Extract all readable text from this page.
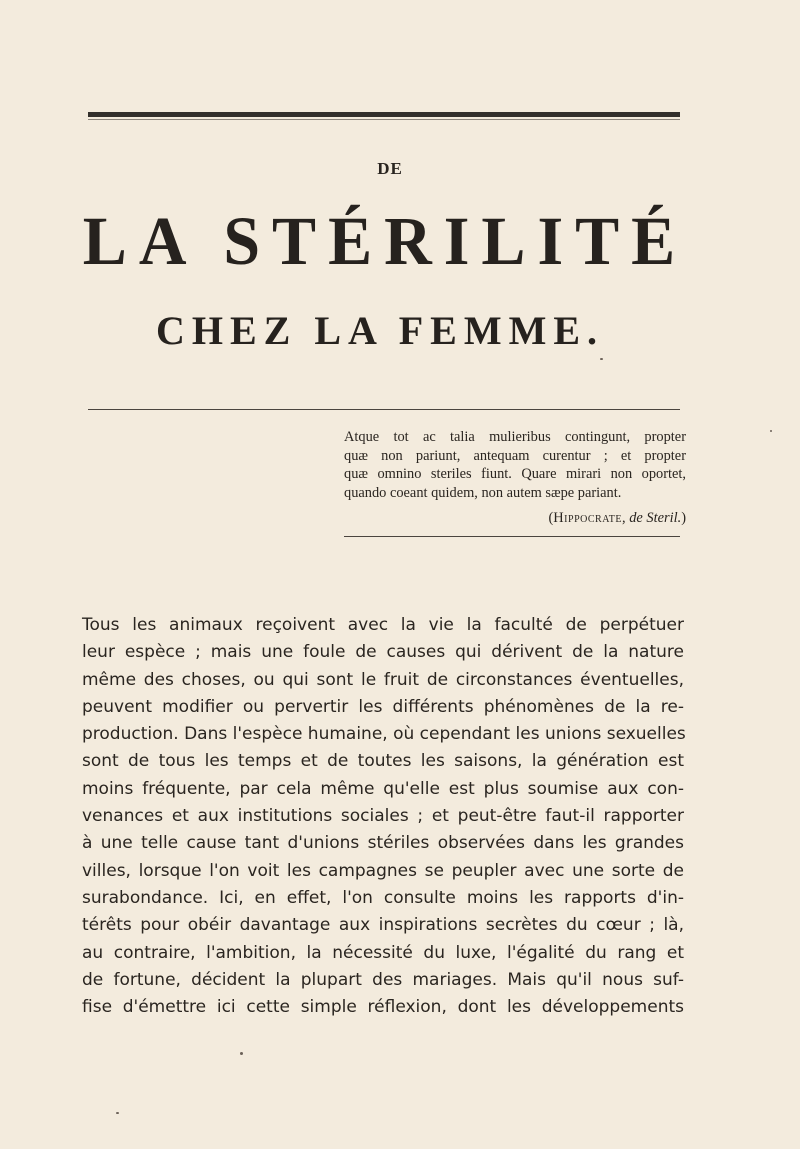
DE
LA STÉRILITÉ
CHEZ LA FEMME.
Atque tot ac talia mulieribus contingunt, propter
quæ non pariunt, antequam curentur ; et propter
quæ omnino steriles fiunt. Quare mirari non oportet,
quando coeant quidem, non autem sæpe pariant.
(Hippocrate, de Steril.)
Tous les animaux reçoivent avec la vie la faculté de perpétuer
leur espèce ; mais une foule de causes qui dérivent de la nature
même des choses, ou qui sont le fruit de circonstances éventuelles,
peuvent modifier ou pervertir les différents phénomènes de la re-
production. Dans l'espèce humaine, où cependant les unions sexuelles
sont de tous les temps et de toutes les saisons, la génération est
moins fréquente, par cela même qu'elle est plus soumise aux con-
venances et aux institutions sociales ; et peut-être faut-il rapporter
à une telle cause tant d'unions stériles observées dans les grandes
villes, lorsque l'on voit les campagnes se peupler avec une sorte de
surabondance. Ici, en effet, l'on consulte moins les rapports d'in-
térêts pour obéir davantage aux inspirations secrètes du cœur ; là,
au contraire, l'ambition, la nécessité du luxe, l'égalité du rang et
de fortune, décident la plupart des mariages. Mais qu'il nous suf-
fise d'émettre ici cette simple réflexion, dont les développements
